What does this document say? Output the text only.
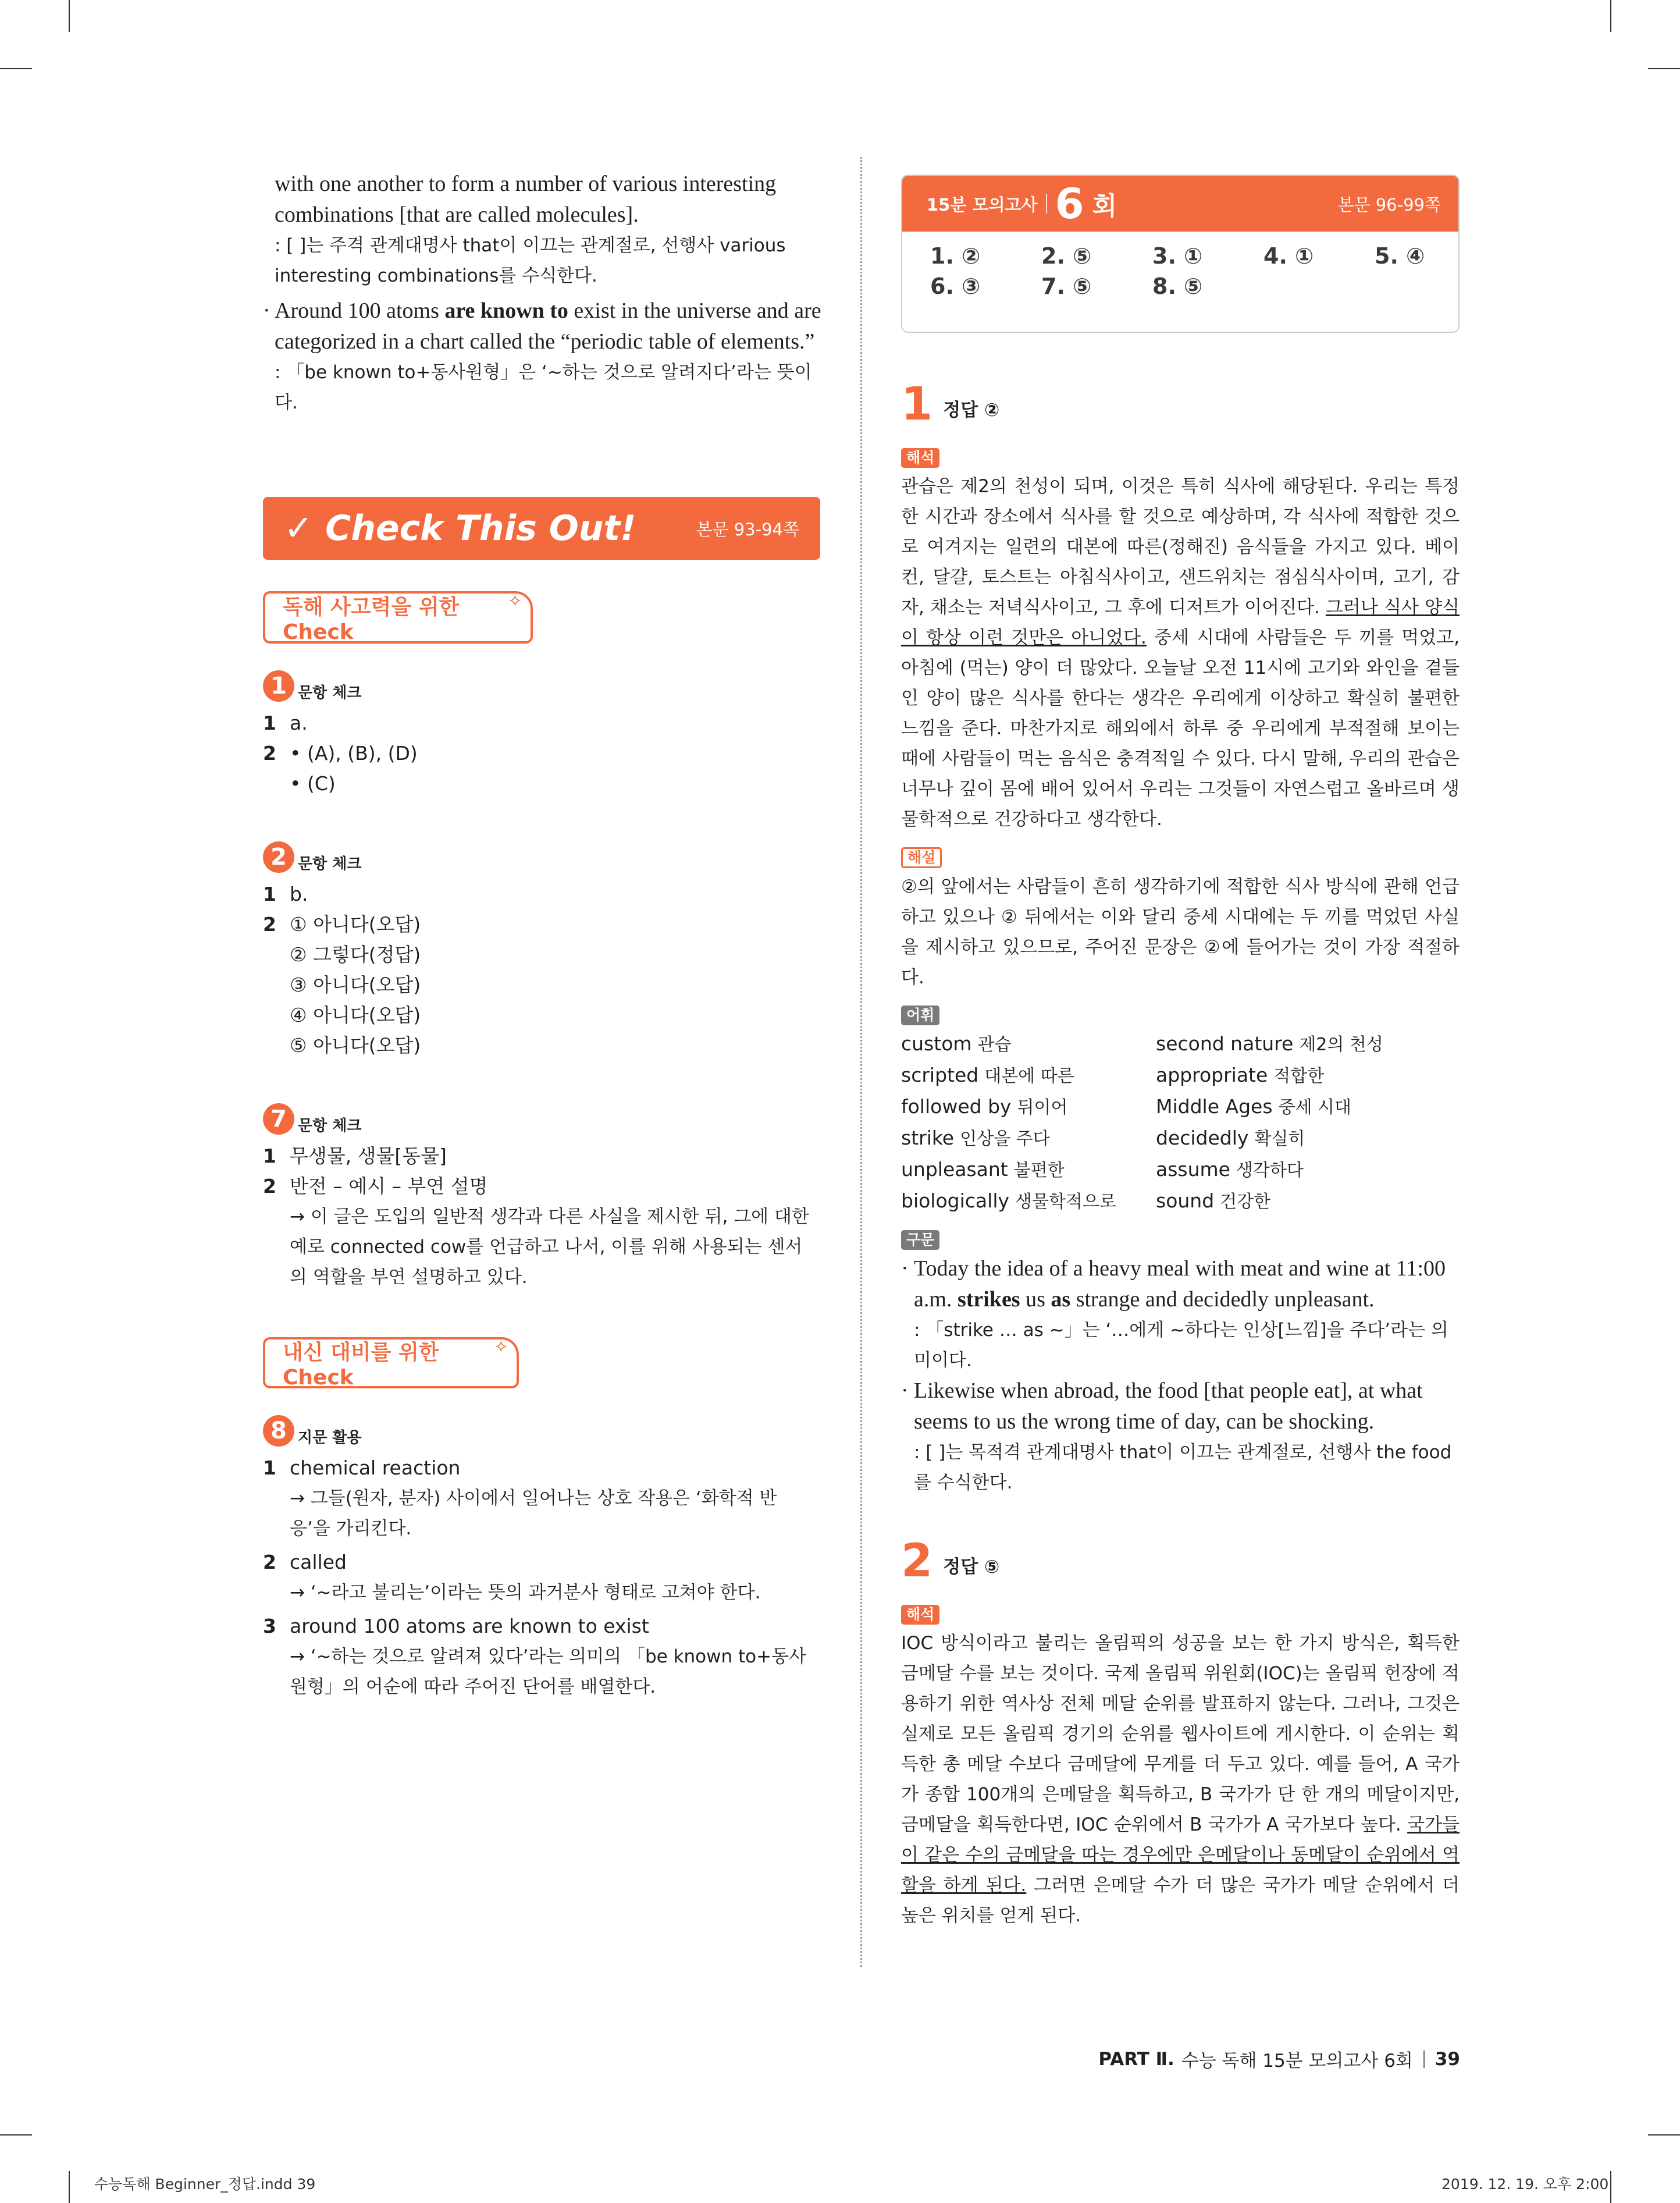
with one another to form a number of various interesting combinations [that are called molecules].

: [ ]는 주격 관계대명사 that이 이끄는 관계절로, 선행사 various interesting combinations를 수식한다.

· Around 100 atoms are known to exist in the universe and are categorized in a chart called the “periodic table of elements.”

: 「be known to+동사원형」은 ‘~하는 것으로 알려지다’라는 뜻이다.

✓ Check This Out!	본문 93-94쪽
독해 사고력을 위한 Check
✧
1 문항 체크
1 a.
2 • (A), (B), (D)
• (C)
2 문항 체크
1 b.
2 ① 아니다(오답)
② 그렇다(정답)
③ 아니다(오답)
④ 아니다(오답)
⑤ 아니다(오답)
7 문항 체크
1 무생물, 생물[동물]
2 반전 – 예시 – 부연 설명
→ 이 글은 도입의 일반적 생각과 다른 사실을 제시한 뒤, 그에 대한 예로 connected cow를 언급하고 나서, 이를 위해 사용되는 센서의 역할을 부연 설명하고 있다.
내신 대비를 위한 Check
✧
8 지문 활용
1 chemical reaction
→ 그들(원자, 분자) 사이에서 일어나는 상호 작용은 ‘화학적 반응’을 가리킨다.
2 called
→ ‘~라고 불리는’이라는 뜻의 과거분사 형태로 고쳐야 한다.
3 around 100 atoms are known to exist
→ ‘~하는 것으로 알려져 있다’라는 의미의 「be known to+동사원형」의 어순에 따라 주어진 단어를 배열한다.
15분 모의고사 6 회	본문 96-99쪽
1. ②	2. ⑤	3. ①	4. ①	5. ④
6. ③	7. ⑤	8. ⑤
1 정답 ②
해석

관습은 제2의 천성이 되며, 이것은 특히 식사에 해당된다. 우리는 특정한 시간과 장소에서 식사를 할 것으로 예상하며, 각 식사에 적합한 것으로 여겨지는 일련의 대본에 따른(정해진) 음식들을 가지고 있다. 베이컨, 달걀, 토스트는 아침식사이고, 샌드위치는 점심식사이며, 고기, 감자, 채소는 저녁식사이고, 그 후에 디저트가 이어진다. 그러나 식사 양식이 항상 이런 것만은 아니었다. 중세 시대에 사람들은 두 끼를 먹었고, 아침에 (먹는) 양이 더 많았다. 오늘날 오전 11시에 고기와 와인을 곁들인 양이 많은 식사를 한다는 생각은 우리에게 이상하고 확실히 불편한 느낌을 준다. 마찬가지로 해외에서 하루 중 우리에게 부적절해 보이는 때에 사람들이 먹는 음식은 충격적일 수 있다. 다시 말해, 우리의 관습은 너무나 깊이 몸에 배어 있어서 우리는 그것들이 자연스럽고 올바르며 생물학적으로 건강하다고 생각한다.

해설

②의 앞에서는 사람들이 흔히 생각하기에 적합한 식사 방식에 관해 언급하고 있으나 ② 뒤에서는 이와 달리 중세 시대에는 두 끼를 먹었던 사실을 제시하고 있으므로, 주어진 문장은 ②에 들어가는 것이 가장 적절하다.

어휘
custom 관습	second nature 제2의 천성
scripted 대본에 따른	appropriate 적합한
followed by 뒤이어	Middle Ages 중세 시대
strike 인상을 주다	decidedly 확실히
unpleasant 불편한	assume 생각하다
biologically 생물학적으로	sound 건강한
구문

· Today the idea of a heavy meal with meat and wine at 11:00 a.m. strikes us as strange and decidedly unpleasant.

: 「strike … as ~」는 ‘…에게 ~하다는 인상[느낌]을 주다’라는 의미이다.

· Likewise when abroad, the food [that people eat], at what seems to us the wrong time of day, can be shocking.

: [ ]는 목적격 관계대명사 that이 이끄는 관계절로, 선행사 the food를 수식한다.

2 정답 ⑤
해석

IOC 방식이라고 불리는 올림픽의 성공을 보는 한 가지 방식은, 획득한 금메달 수를 보는 것이다. 국제 올림픽 위원회(IOC)는 올림픽 헌장에 적용하기 위한 역사상 전체 메달 순위를 발표하지 않는다. 그러나, 그것은 실제로 모든 올림픽 경기의 순위를 웹사이트에 게시한다. 이 순위는 획득한 총 메달 수보다 금메달에 무게를 더 두고 있다. 예를 들어, A 국가가 종합 100개의 은메달을 획득하고, B 국가가 단 한 개의 메달이지만, 금메달을 획득한다면, IOC 순위에서 B 국가가 A 국가보다 높다. 국가들이 같은 수의 금메달을 따는 경우에만 은메달이나 동메달이 순위에서 역할을 하게 된다. 그러면 은메달 수가 더 많은 국가가 메달 순위에서 더 높은 위치를 얻게 된다.

PART Ⅱ. 수능 독해 15분 모의고사 6회 39
수능독해 Beginner_정답.indd 39	2019. 12. 19. 오후 2:00
